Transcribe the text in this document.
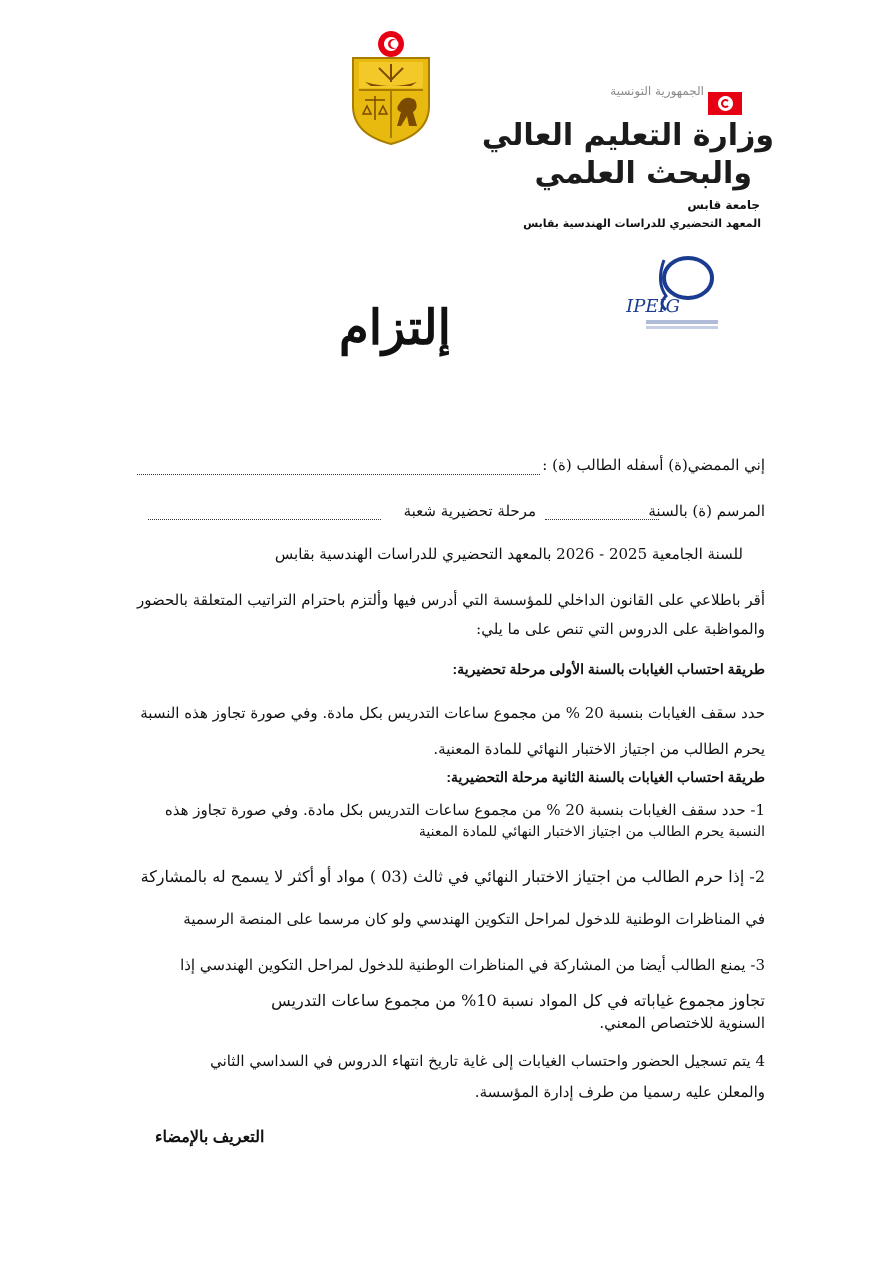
الجمهورية التونسية
وزارة التعليم العالي
والبحث العلمي
جامعة قابس
المعهد التحضيري للدراسات الهندسية بقابس
IPEIG
إلتزام
إني الممضي(ة) أسفله الطالب (ة) :
المرسم (ة) بالسنة
مرحلة تحضيرية شعبة
للسنة الجامعية 2025 - 2026 بالمعهد التحضيري للدراسات الهندسية بقابس
أقر باطلاعي على القانون الداخلي للمؤسسة التي أدرس فيها وألتزم باحترام التراتيب المتعلقة بالحضور
والمواظبة على الدروس التي تنص على ما يلي:
طريقة احتساب الغيابات بالسنة الأولى مرحلة تحضيرية:
حدد سقف الغيابات بنسبة 20 % من مجموع ساعات التدريس بكل مادة. وفي صورة تجاوز هذه النسبة
يحرم الطالب من اجتياز الاختبار النهائي للمادة المعنية.
طريقة احتساب الغيابات بالسنة الثانية مرحلة التحضيرية:
1- حدد سقف الغيابات بنسبة 20 % من مجموع ساعات التدريس بكل مادة. وفي صورة تجاوز هذه
النسبة يحرم الطالب من اجتياز الاختبار النهائي للمادة المعنية
2- إذا حرم الطالب من اجتياز الاختبار النهائي في ثالث (03 ) مواد أو أكثر لا يسمح له بالمشاركة
في المناظرات الوطنية للدخول لمراحل التكوين الهندسي ولو كان مرسما على المنصة الرسمية
3- يمنع الطالب أيضا من المشاركة في المناظرات الوطنية للدخول لمراحل التكوين الهندسي إذا
تجاوز مجموع غياباته في كل المواد نسبة 10% من مجموع ساعات التدريس
السنوية للاختصاص المعني.
4 يتم تسجيل الحضور واحتساب الغيابات إلى غاية تاريخ انتهاء الدروس في السداسي الثاني
والمعلن عليه رسميا من طرف إدارة المؤسسة.
التعريف بالإمضاء
